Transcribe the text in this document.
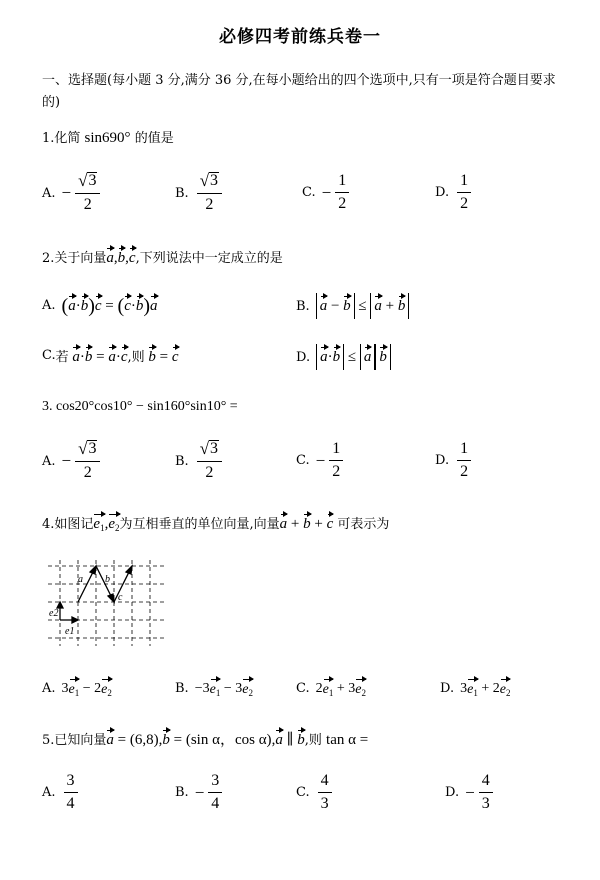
必修四考前练兵卷一
一、选择题(每小题 3 分,满分 36 分,在每小题给出的四个选项中,只有一项是符合题目要求
的)
1.化简 sin690° 的值是
A. − $\frac{√ 3}{2}$	B. $\frac{√ 3}{2}$	C. − $\frac{1}{2}$	D. $\frac{1}{2}$
2.关于向量a,b,c,下列说法中一定成立的是
A. (a·b)c = (c·b)a	B. a − b ≤ a + b
C. 若 a·b = a·c ,则 b = c	D. a·b ≤ a b
3. cos20°cos10° − sin160°sin10° =
A. − $\frac{√ 3}{2}$	B. $\frac{√ 3}{2}$	C. − $\frac{1}{2}$	D. $\frac{1}{2}$
4.如图记$e_1,e_2$为互相垂直的单位向量,向量a + b + c 可表示为
a b
c
e2
e1
A. 3 $e_1$
−
2 $e_2$	B. − 3 $e_1$
−
3 $e_2$	C. 2 $e_1$
+
3 $e_2$	D. 3 $e_1$
+
2 $e_2$
5.已知向量a = (6,8),b = (sin α，cos α),a ∥ b,则 tan α =
A. $\frac{3}{4}$	B. − $\frac{3}{4}$	C. $\frac{4}{3}$	D. − $\frac{4}{3}$
